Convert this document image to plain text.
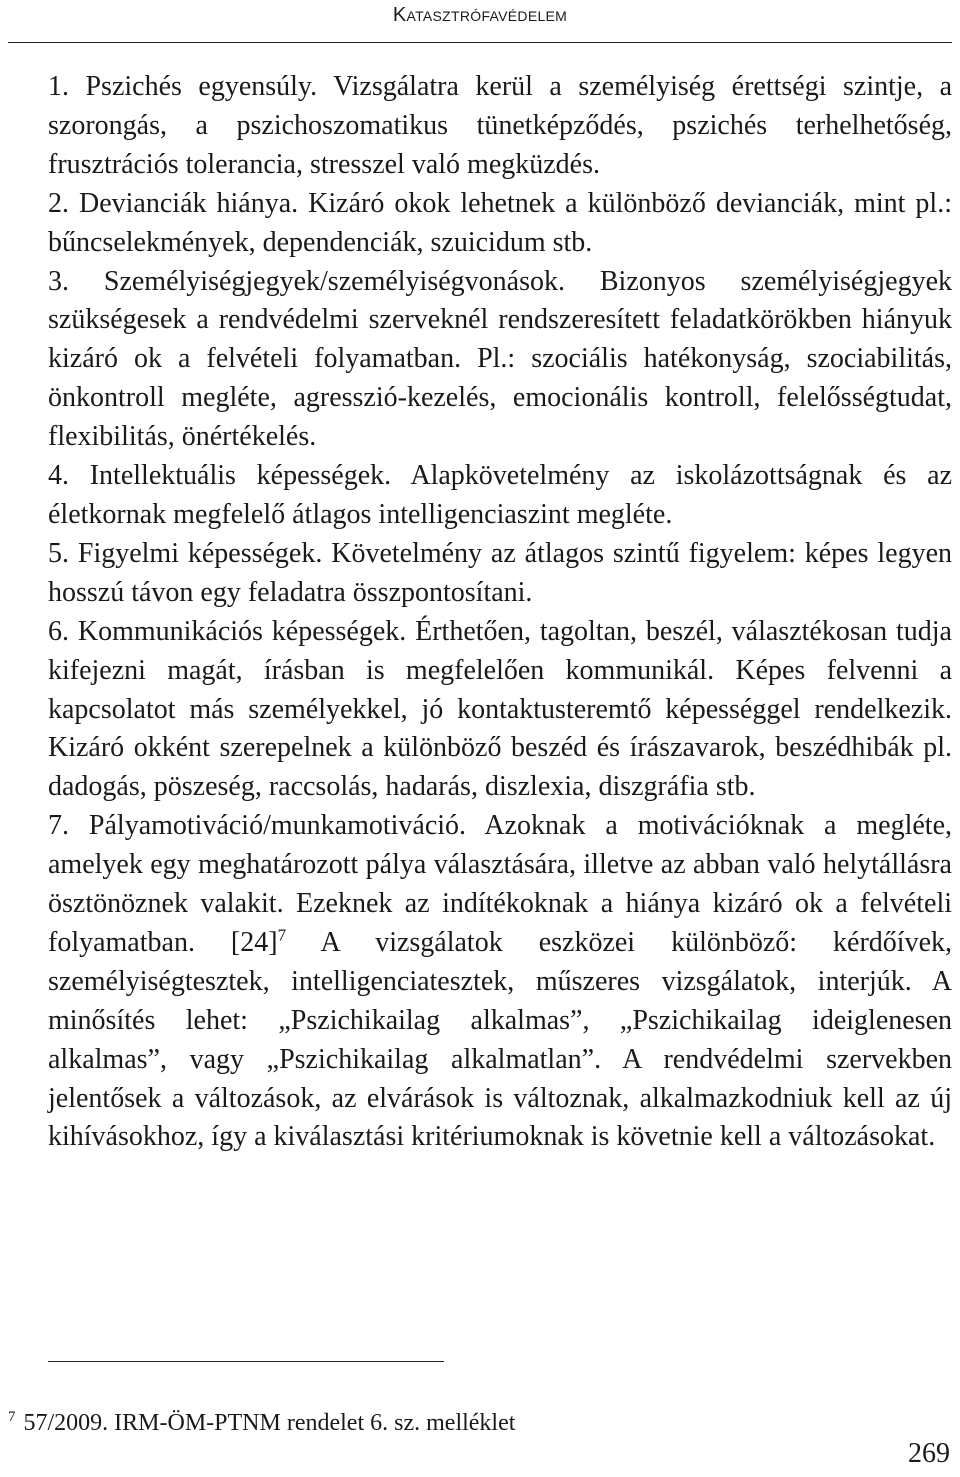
Katasztrófavédelem

1. Pszichés egyensúly. Vizsgálatra kerül a személyiség érettségi szintje, a szorongás, a pszichoszomatikus tünetképződés, pszichés terhelhetőség, frusztrációs tolerancia, stresszel való megküzdés.

2. Devianciák hiánya. Kizáró okok lehetnek a különböző devianciák, mint pl.: bűncselekmények, dependenciák, szuicidum stb.

3. Személyiségjegyek/személyiségvonások. Bizonyos személyiségjegyek szükségesek a rendvédelmi szerveknél rendszeresített feladatkörökben hiányuk kizáró ok a felvételi folyamatban. Pl.: szociális hatékonyság, szociabilitás, önkontroll megléte, agresszió-kezelés, emocionális kontroll, felelősségtudat, flexibilitás, önértékelés.

4. Intellektuális képességek. Alapkövetelmény az iskolázottságnak és az életkornak megfelelő átlagos intelligenciaszint megléte.

5. Figyelmi képességek. Követelmény az átlagos szintű figyelem: képes legyen hosszú távon egy feladatra összpontosítani.

6. Kommunikációs képességek. Érthetően, tagoltan, beszél, választékosan tudja kifejezni magát, írásban is megfelelően kommunikál. Képes felvenni a kapcsolatot más személyekkel, jó kontaktusteremtő képességgel rendelkezik. Kizáró okként szerepelnek a különböző beszéd és írászavarok, beszédhibák pl. dadogás, pöszeség, raccsolás, hadarás, diszlexia, diszgráfia stb.

7. Pályamotiváció/munkamotiváció. Azoknak a motivációknak a megléte, amelyek egy meghatározott pálya választására, illetve az abban való helytállásra ösztönöznek valakit. Ezeknek az indítékoknak a hiánya kizáró ok a felvételi folyamatban. $[24]^7$ A vizsgálatok eszközei különböző: kérdőívek, személyiségtesztek, intelligenciatesztek, műszeres vizsgálatok, interjúk. A minősítés lehet: „Pszichikailag alkalmas”, „Pszichikailag ideiglenesen alkalmas”, vagy „Pszichikailag alkalmatlan”. A rendvédelmi szervekben jelentősek a változások, az elvárások is változnak, alkalmazkodniuk kell az új kihívásokhoz, így a kiválasztási kritériumoknak is követnie kell a változásokat.

$^7$ 57/2009. IRM-ÖM-PTNM rendelet 6. sz. melléklet
269
